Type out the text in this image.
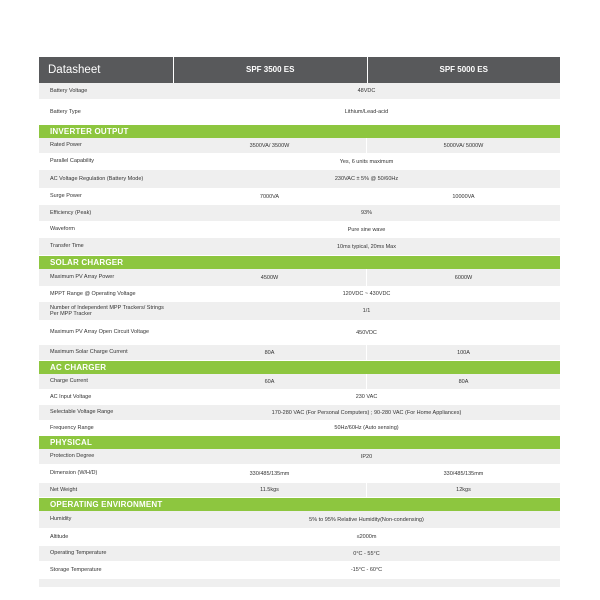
Datasheet	SPF 3500 ES	SPF 5000 ES
Battery Voltage	48VDC
Battery Type	Lithium/Lead-acid
INVERTER OUTPUT
Rated Power	3500VA/ 3500W	5000VA/ 5000W
Parallel Capability	Yes, 6 units maximum
AC Voltage Regulation (Battery Mode)	230VAC ± 5% @ 50/60Hz
Surge Power	7000VA	10000VA
Efficiency (Peak)	93%
Waveform	Pure sine wave
Transfer Time	10ms typical, 20ms Max
SOLAR CHARGER
Maximum PV Array Power	4500W	6000W
MPPT Range @ Operating Voltage	120VDC ~ 430VDC
Number of Independent MPP Trackers/ Strings Per MPP Tracker	1/1
Maximum PV Array Open Circuit Voltage	450VDC
Maximum Solar Charge Current	80A	100A
AC CHARGER
Charge Current	60A	80A
AC Input Voltage	230 VAC
Selectable Voltage Range	170-280 VAC (For Personal Computers) ; 90-280 VAC (For Home Appliances)
Frequency Range	50Hz/60Hz (Auto sensing)
PHYSICAL
Protection Degree	IP20
Dimension (W/H/D)	330/485/135mm	330/485/135mm
Net Weight	11.5kgs	12kgs
OPERATING ENVIRONMENT
Humidity	5% to 95% Relative Humidity(Non-condensing)
Altitude	≤2000m
Operating Temperature	0°C - 55°C
Storage Temperature	-15°C - 60°C
